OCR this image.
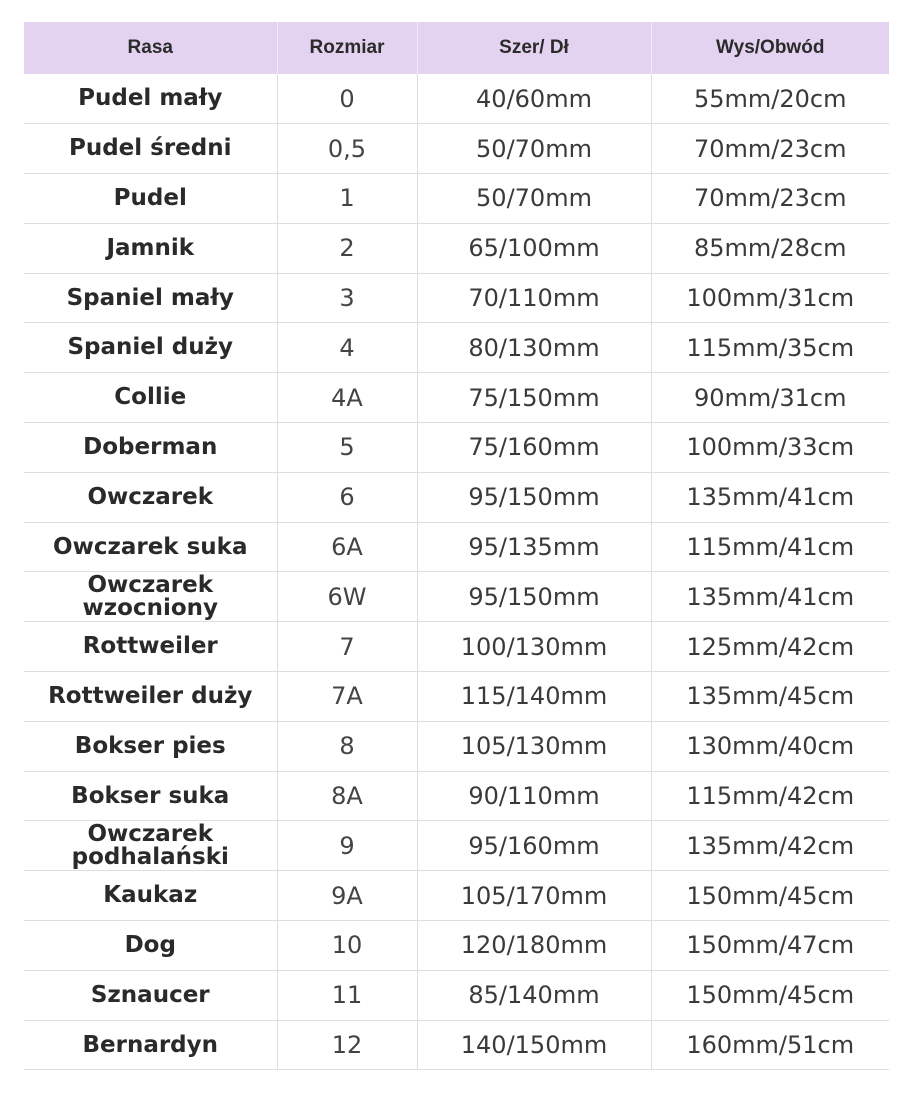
Rasa	Rozmiar	Szer/ Dł	Wys/Obwód
Pudel mały	0	40/60mm	55mm/20cm
Pudel średni	0,5	50/70mm	70mm/23cm
Pudel	1	50/70mm	70mm/23cm
Jamnik	2	65/100mm	85mm/28cm
Spaniel mały	3	70/110mm	100mm/31cm
Spaniel duży	4	80/130mm	115mm/35cm
Collie	4A	75/150mm	90mm/31cm
Doberman	5	75/160mm	100mm/33cm
Owczarek	6	95/150mm	135mm/41cm
Owczarek suka	6A	95/135mm	115mm/41cm
Owczarek wzocniony	6W	95/150mm	135mm/41cm
Rottweiler	7	100/130mm	125mm/42cm
Rottweiler duży	7A	115/140mm	135mm/45cm
Bokser pies	8	105/130mm	130mm/40cm
Bokser suka	8A	90/110mm	115mm/42cm
Owczarek podhalański	9	95/160mm	135mm/42cm
Kaukaz	9A	105/170mm	150mm/45cm
Dog	10	120/180mm	150mm/47cm
Sznaucer	11	85/140mm	150mm/45cm
Bernardyn	12	140/150mm	160mm/51cm
